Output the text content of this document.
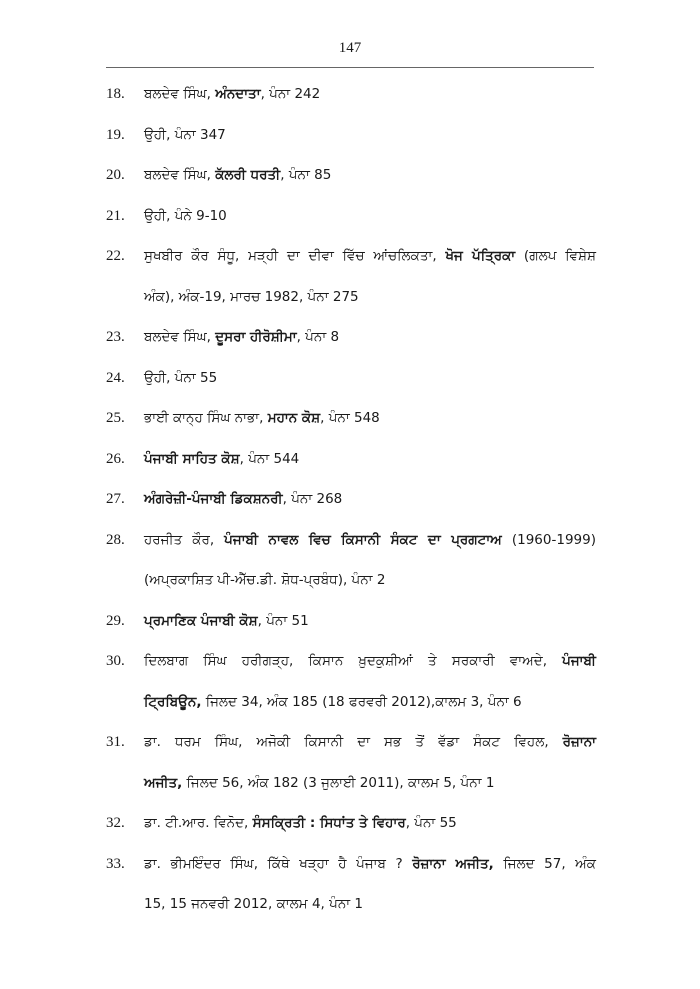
147
18. ਬਲਦੇਵ ਸਿੰਘ, ਅੰਨਦਾਤਾ, ਪੰਨਾ 242
19. ਉਹੀ, ਪੰਨਾ 347
20. ਬਲਦੇਵ ਸਿੰਘ, ਕੱਲਰੀ ਧਰਤੀ, ਪੰਨਾ 85
21. ਉਹੀ, ਪੰਨੇ 9-10
22. ਸੁਖਬੀਰ ਕੌਰ ਸੰਧੂ, ਮੜ੍ਹੀ ਦਾ ਦੀਵਾ ਵਿੱਚ ਆਂਚਲਿਕਤਾ, ਖੋਜ ਪੱਤ੍ਰਿਕਾ (ਗਲਪ ਵਿਸ਼ੇਸ਼
ਅੰਕ), ਅੰਕ-19, ਮਾਰਚ 1982, ਪੰਨਾ 275
23. ਬਲਦੇਵ ਸਿੰਘ, ਦੂਸਰਾ ਹੀਰੋਸ਼ੀਮਾ, ਪੰਨਾ 8
24. ਉਹੀ, ਪੰਨਾ 55
25. ਭਾਈ ਕਾਨ੍ਹ ਸਿੰਘ ਨਾਭਾ, ਮਹਾਨ ਕੋਸ਼, ਪੰਨਾ 548
26. ਪੰਜਾਬੀ ਸਾਹਿਤ ਕੋਸ਼, ਪੰਨਾ 544
27. ਅੰਗਰੇਜ਼ੀ-ਪੰਜਾਬੀ ਡਿਕਸ਼ਨਰੀ, ਪੰਨਾ 268
28. ਹਰਜੀਤ ਕੌਰ, ਪੰਜਾਬੀ ਨਾਵਲ ਵਿਚ ਕਿਸਾਨੀ ਸੰਕਟ ਦਾ ਪ੍ਰਗਟਾਅ (1960-1999)
(ਅਪ੍ਰਕਾਸ਼ਿਤ ਪੀ-ਐੱਚ.ਡੀ. ਸ਼ੋਧ-ਪ੍ਰਬੰਧ), ਪੰਨਾ 2
29. ਪ੍ਰਮਾਣਿਕ ਪੰਜਾਬੀ ਕੋਸ਼, ਪੰਨਾ 51
30. ਦਿਲਬਾਗ ਸਿੰਘ ਹਰੀਗੜ੍ਹ, ਕਿਸਾਨ ਖ਼ੁਦਕੁਸ਼ੀਆਂ ਤੇ ਸਰਕਾਰੀ ਵਾਅਦੇ, ਪੰਜਾਬੀ
ਟ੍ਰਿਬਿਊਨ, ਜਿਲਦ 34, ਅੰਕ 185 (18 ਫਰਵਰੀ 2012),ਕਾਲਮ 3, ਪੰਨਾ 6
31. ਡਾ. ਧਰਮ ਸਿੰਘ, ਅਜੋਕੀ ਕਿਸਾਨੀ ਦਾ ਸਭ ਤੋਂ ਵੱਡਾ ਸੰਕਟ ਵਿਹਲ, ਰੋਜ਼ਾਨਾ
ਅਜੀਤ, ਜਿਲਦ 56, ਅੰਕ 182 (3 ਜੁਲਾਈ 2011), ਕਾਲਮ 5, ਪੰਨਾ 1
32. ਡਾ. ਟੀ.ਆਰ. ਵਿਨੋਦ, ਸੰਸਕ੍ਰਿਤੀ : ਸਿਧਾਂਤ ਤੇ ਵਿਹਾਰ, ਪੰਨਾ 55
33. ਡਾ. ਭੀਮਇੰਦਰ ਸਿੰਘ, ਕਿੱਥੇ ਖੜ੍ਹਾ ਹੈ ਪੰਜਾਬ ? ਰੋਜ਼ਾਨਾ ਅਜੀਤ, ਜਿਲਦ 57, ਅੰਕ
15, 15 ਜਨਵਰੀ 2012, ਕਾਲਮ 4, ਪੰਨਾ 1
